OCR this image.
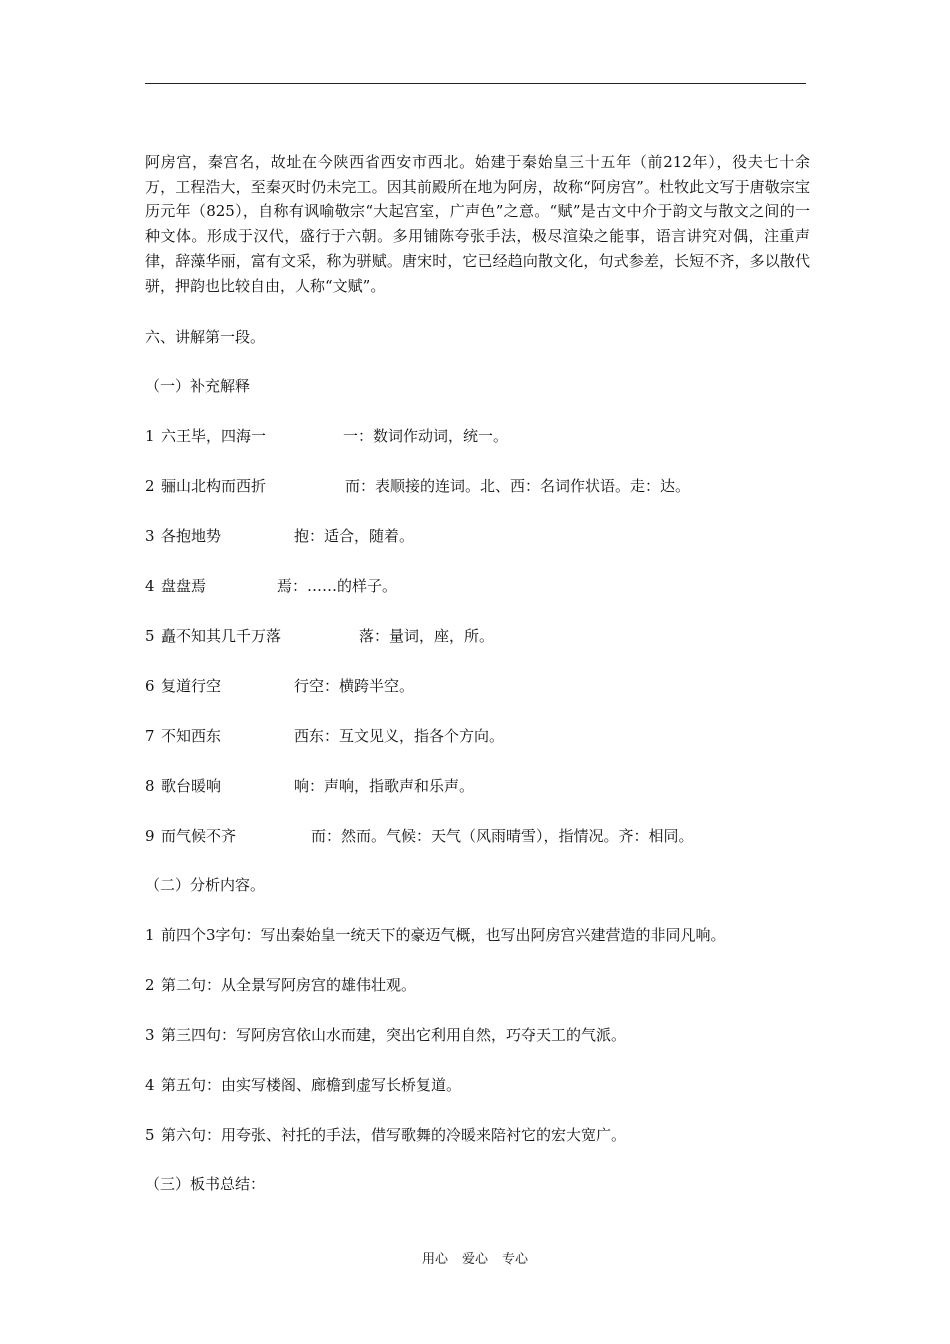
阿房宫，秦宫名，故址在今陕西省西安市西北。始建于秦始皇三十五年（前212年），役夫七十余万，工程浩大，至秦灭时仍未完工。因其前殿所在地为阿房，故称“阿房宫”。杜牧此文写于唐敬宗宝历元年（825），自称有讽喻敬宗“大起宫室，广声色”之意。“赋”是古文中介于韵文与散文之间的一种文体。形成于汉代，盛行于六朝。多用铺陈夸张手法，极尽渲染之能事，语言讲究对偶，注重声律，辞藻华丽，富有文采，称为骈赋。唐宋时，它已经趋向散文化，句式参差，长短不齐，多以散代骈，押韵也比较自由，人称“文赋”。

六、讲解第一段。
（一）补充解释
1 六王毕，四海一	一：数词作动词，统一。
2 骊山北构而西折	而：表顺接的连词。北、西：名词作状语。走：达。
3 各抱地势	抱：适合，随着。
4 盘盘焉	焉：……的样子。
5 矗不知其几千万落	落：量词，座，所。
6 复道行空	行空：横跨半空。
7 不知西东	西东：互文见义，指各个方向。
8 歌台暖响	响：声响，指歌声和乐声。
9 而气候不齐	而：然而。气候：天气（风雨晴雪），指情况。齐：相同。
（二）分析内容。
1 前四个3字句：写出秦始皇一统天下的豪迈气概，也写出阿房宫兴建营造的非同凡响。
2 第二句：从全景写阿房宫的雄伟壮观。
3 第三四句：写阿房宫依山水而建，突出它利用自然，巧夺天工的气派。
4 第五句：由实写楼阁、廊檐到虚写长桥复道。
5 第六句：用夸张、衬托的手法，借写歌舞的冷暖来陪衬它的宏大宽广。
（三）板书总结：
用心 爱心 专心
